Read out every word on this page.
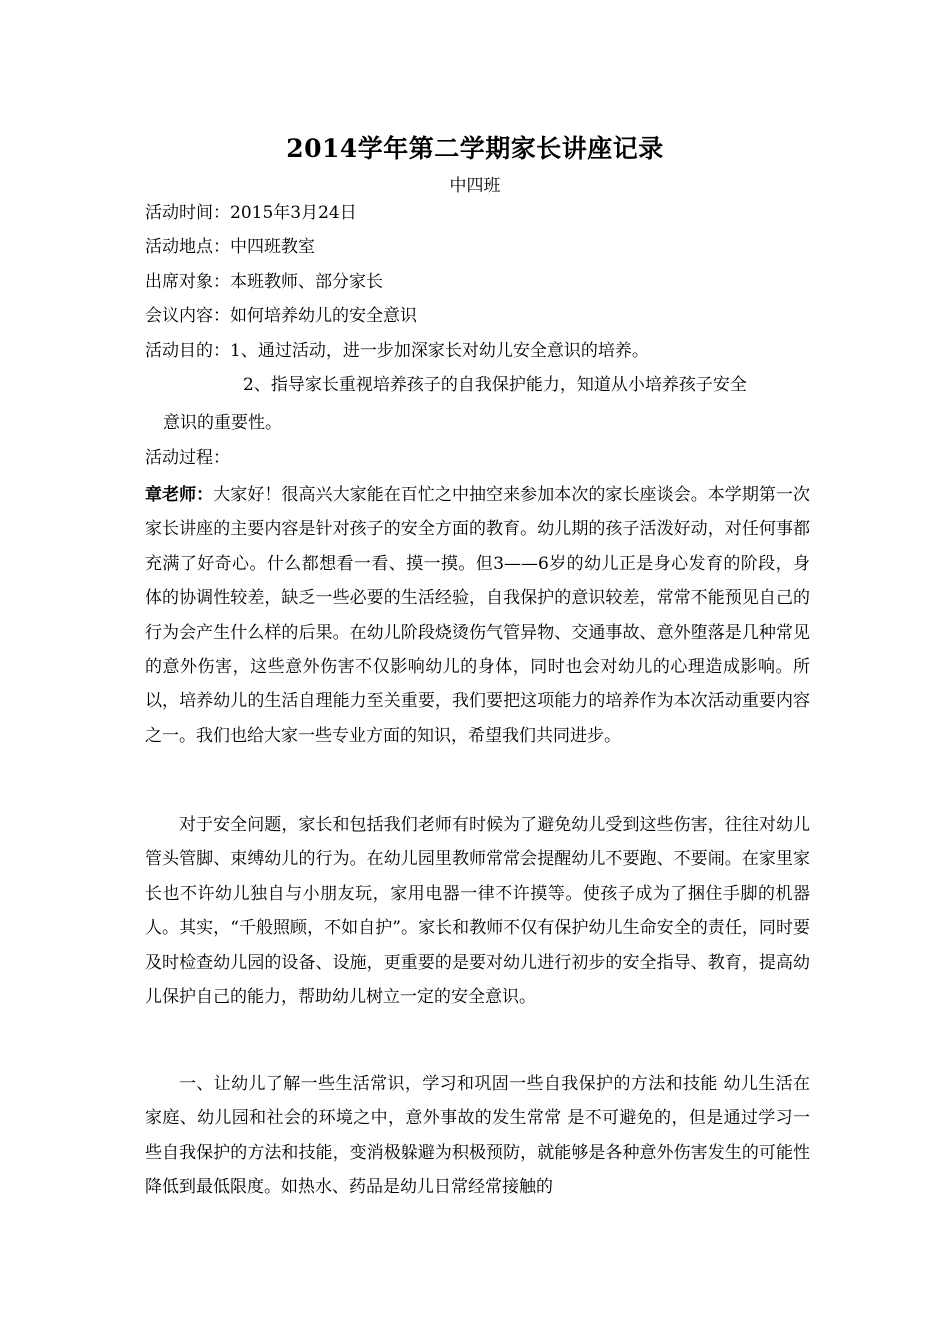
2014学年第二学期家长讲座记录
中四班
活动时间：2015年3月24日
活动地点：中四班教室
出席对象：本班教师、部分家长
会议内容：如何培养幼儿的安全意识
活动目的：1、通过活动，进一步加深家长对幼儿安全意识的培养。
2、指导家长重视培养孩子的自我保护能力，知道从小培养孩子安全
意识的重要性。
活动过程：
章老师：大家好！很高兴大家能在百忙之中抽空来参加本次的家长座谈会。本学期第一次家长讲座的主要内容是针对孩子的安全方面的教育。幼儿期的孩子活泼好动，对任何事都充满了好奇心。什么都想看一看、摸一摸。但3——6岁的幼儿正是身心发育的阶段，身体的协调性较差，缺乏一些必要的生活经验，自我保护的意识较差，常常不能预见自己的行为会产生什么样的后果。在幼儿阶段烧烫伤气管异物、交通事故、意外堕落是几种常见的意外伤害，这些意外伤害不仅影响幼儿的身体，同时也会对幼儿的心理造成影响。所以，培养幼儿的生活自理能力至关重要，我们要把这项能力的培养作为本次活动重要内容之一。我们也给大家一些专业方面的知识，希望我们共同进步。
对于安全问题，家长和包括我们老师有时候为了避免幼儿受到这些伤害，往往对幼儿管头管脚、束缚幼儿的行为。在幼儿园里教师常常会提醒幼儿不要跑、不要闹。在家里家长也不许幼儿独自与小朋友玩，家用电器一律不许摸等。使孩子成为了捆住手脚的机器人。其实，“千般照顾，不如自护”。家长和教师不仅有保护幼儿生命安全的责任，同时要及时检查幼儿园的设备、设施，更重要的是要对幼儿进行初步的安全指导、教育，提高幼儿保护自己的能力，帮助幼儿树立一定的安全意识。
一、让幼儿了解一些生活常识，学习和巩固一些自我保护的方法和技能 幼儿生活在家庭、幼儿园和社会的环境之中，意外事故的发生常常 是不可避免的，但是通过学习一些自我保护的方法和技能，变消极躲避为积极预防，就能够是各种意外伤害发生的可能性降低到最低限度。如热水、药品是幼儿日常经常接触的
